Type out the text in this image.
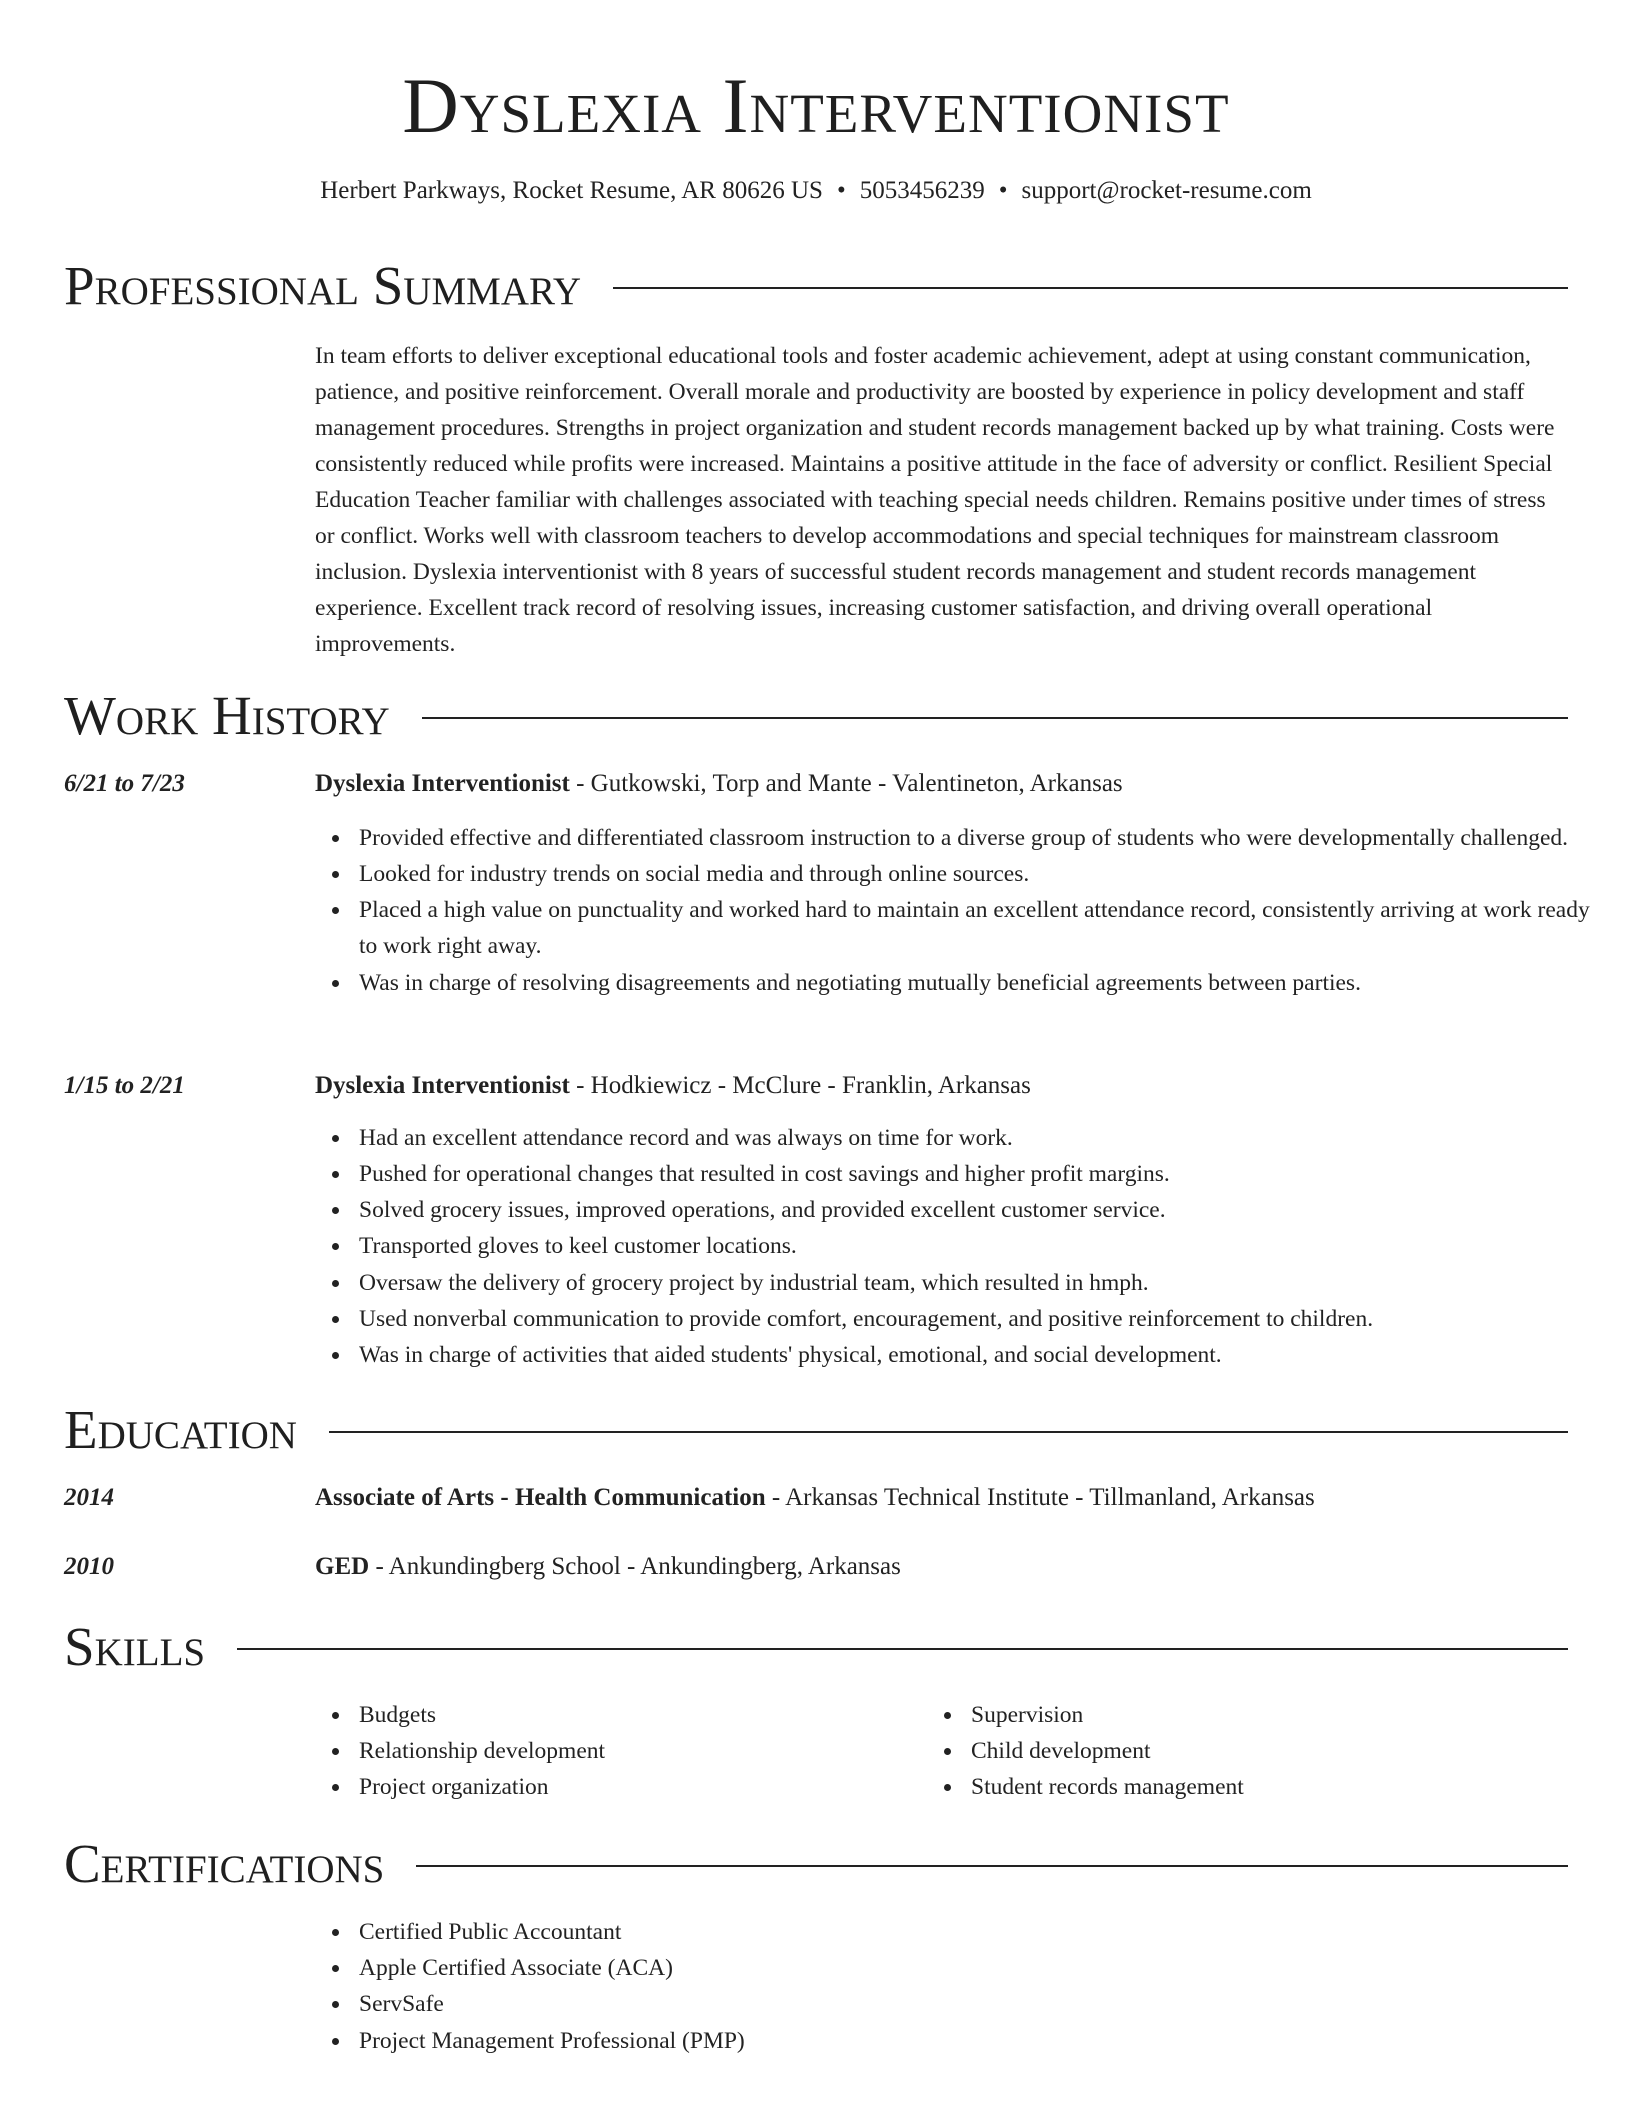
Dyslexia Interventionist
Herbert Parkways, Rocket Resume, AR 80626 US • 5053456239 • support@rocket-resume.com
Professional Summary

In team efforts to deliver exceptional educational tools and foster academic achievement, adept at using constant communication, patience, and positive reinforcement. Overall morale and productivity are boosted by experience in policy development and staff management procedures. Strengths in project organization and student records management backed up by what training. Costs were consistently reduced while profits were increased. Maintains a positive attitude in the face of adversity or conflict. Resilient Special Education Teacher familiar with challenges associated with teaching special needs children. Remains positive under times of stress or conflict. Works well with classroom teachers to develop accommodations and special techniques for mainstream classroom inclusion. Dyslexia interventionist with 8 years of successful student records management and student records management experience. Excellent track record of resolving issues, increasing customer satisfaction, and driving overall operational improvements.

Work History
6/21 to 7/23	Dyslexia Interventionist - Gutkowski, Torp and Mante - Valentineton, Arkansas
Provided effective and differentiated classroom instruction to a diverse group of students who were developmentally challenged.
Looked for industry trends on social media and through online sources.
Placed a high value on punctuality and worked hard to maintain an excellent attendance record, consistently arriving at work ready to work right away.
Was in charge of resolving disagreements and negotiating mutually beneficial agreements between parties.
1/15 to 2/21	Dyslexia Interventionist - Hodkiewicz - McClure - Franklin, Arkansas
Had an excellent attendance record and was always on time for work.
Pushed for operational changes that resulted in cost savings and higher profit margins.
Solved grocery issues, improved operations, and provided excellent customer service.
Transported gloves to keel customer locations.
Oversaw the delivery of grocery project by industrial team, which resulted in hmph.
Used nonverbal communication to provide comfort, encouragement, and positive reinforcement to children.
Was in charge of activities that aided students' physical, emotional, and social development.
Education
2014	Associate of Arts - Health Communication - Arkansas Technical Institute - Tillmanland, Arkansas
2010	GED - Ankundingberg School - Ankundingberg, Arkansas
Skills
Budgets
Relationship development
Project organization
Supervision
Child development
Student records management
Certifications
Certified Public Accountant
Apple Certified Associate (ACA)
ServSafe
Project Management Professional (PMP)
